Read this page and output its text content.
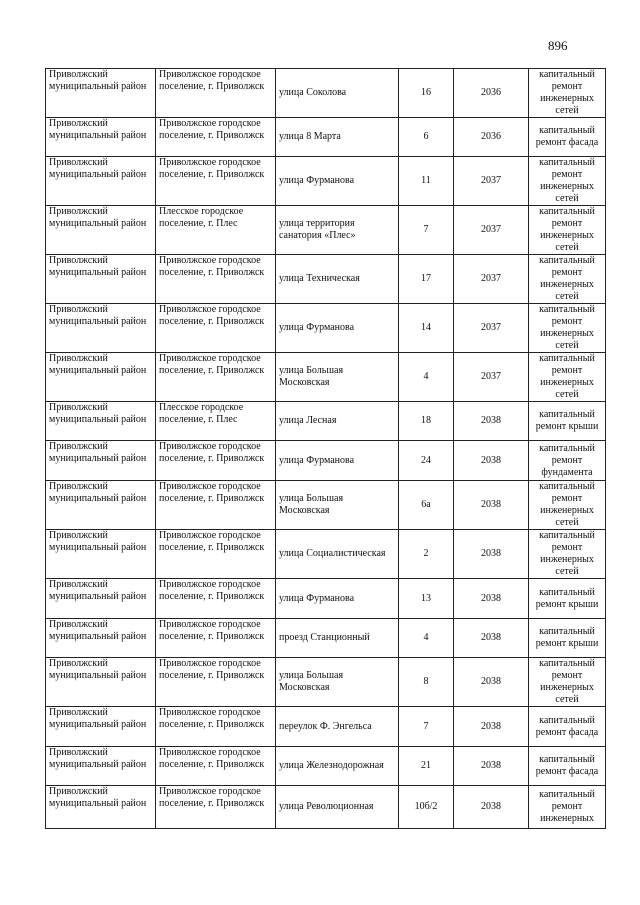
896
Приволжский муниципальный район	Приволжское городское поселение, г. Приволжск	улица Соколова	16	2036	капитальный ремонт инженерных сетей
Приволжский муниципальный район	Приволжское городское поселение, г. Приволжск	улица 8 Марта	6	2036	капитальный ремонт фасада
Приволжский муниципальный район	Приволжское городское поселение, г. Приволжск	улица Фурманова	11	2037	капитальный ремонт инженерных сетей
Приволжский муниципальный район	Плесское городское поселение, г. Плес	улица территория санатория «Плес»	7	2037	капитальный ремонт инженерных сетей
Приволжский муниципальный район	Приволжское городское поселение, г. Приволжск	улица Техническая	17	2037	капитальный ремонт инженерных сетей
Приволжский муниципальный район	Приволжское городское поселение, г. Приволжск	улица Фурманова	14	2037	капитальный ремонт инженерных сетей
Приволжский муниципальный район	Приволжское городское поселение, г. Приволжск	улица Большая Московская	4	2037	капитальный ремонт инженерных сетей
Приволжский муниципальный район	Плесское городское поселение, г. Плес	улица Лесная	18	2038	капитальный ремонт крыши
Приволжский муниципальный район	Приволжское городское поселение, г. Приволжск	улица Фурманова	24	2038	капитальный ремонт фундамента
Приволжский муниципальный район	Приволжское городское поселение, г. Приволжск	улица Большая Московская	6а	2038	капитальный ремонт инженерных сетей
Приволжский муниципальный район	Приволжское городское поселение, г. Приволжск	улица Социалистическая	2	2038	капитальный ремонт инженерных сетей
Приволжский муниципальный район	Приволжское городское поселение, г. Приволжск	улица Фурманова	13	2038	капитальный ремонт крыши
Приволжский муниципальный район	Приволжское городское поселение, г. Приволжск	проезд Станционный	4	2038	капитальный ремонт крыши
Приволжский муниципальный район	Приволжское городское поселение, г. Приволжск	улица Большая Московская	8	2038	капитальный ремонт инженерных сетей
Приволжский муниципальный район	Приволжское городское поселение, г. Приволжск	переулок Ф. Энгельса	7	2038	капитальный ремонт фасада
Приволжский муниципальный район	Приволжское городское поселение, г. Приволжск	улица Железнодорожная	21	2038	капитальный ремонт фасада
Приволжский муниципальный район	Приволжское городское поселение, г. Приволжск	улица Революционная	10б/2	2038	капитальный ремонт инженерных
